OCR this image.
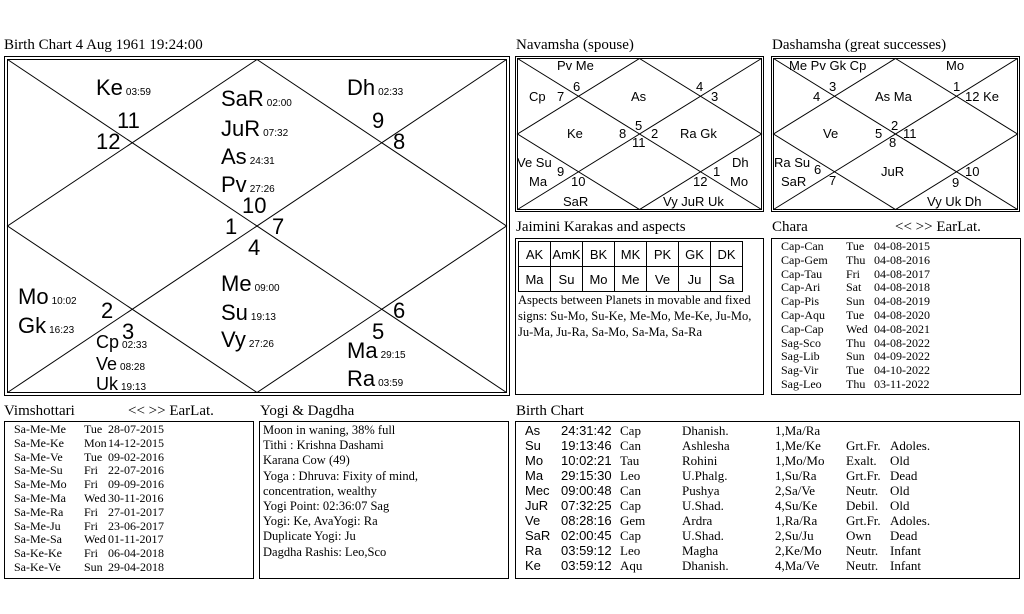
Birth Chart 4 Aug 1961 19:24:00
Ke 03:59
11
12
SaR 02:00
JuR 07:32
As 24:31
Pv 27:26
10
Dh 02:33
9
8
1 7
4
Me 09:00
Su 19:13
Vy 27:26
Mo 10:02
Gk 16:23
2
3
Cp 02:33
Ve 08:28
Uk 19:13
6
5
Ma 29:15
Ra 03:59
Navamsha (spouse)
Pv Me
Cp 7
6
As
4
3
Ke	8
5
2
11
Ra Gk
Ve Su
Ma
9
10
SaR	Vy JuR Uk
12
1
Dh
Mo
Dashamsha (great successes)
Me Pv Gk Cp	Mo
4
3
As Ma
1
12 Ke
Ve	5
2
11
8
Ra Su
SaR
6
7
JuR
9
10
Vy Uk Dh
Jaimini Karakas and aspects
AK	AmK	BK	MK	PK	GK	DK
Ma	Su	Mo	Me	Ve	Ju	Sa
Aspects between Planets in movable and fixed signs: Su-Mo, Su-Ke, Me-Mo, Me-Ke, Ju-Mo, Ju-Ma, Ju-Ra, Sa-Mo, Sa-Ma, Sa-Ra
Chara	<< >> EarLat.
Cap-Can Tue 04-08-2015
Cap-Gem Thu 04-08-2016
Cap-Tau Fri 04-08-2017
Cap-Ari Sat 04-08-2018
Cap-Pis Sun 04-08-2019
Cap-Aqu Tue 04-08-2020
Cap-Cap Wed 04-08-2021
Sag-Sco Thu 04-08-2022
Sag-Lib Sun 04-09-2022
Sag-Vir Tue 04-10-2022
Sag-Leo Thu 03-11-2022
Vimshottari	<< >> EarLat.
Sa-Me-Me Tue 28-07-2015
Sa-Me-Ke Mon 14-12-2015
Sa-Me-Ve Tue 09-02-2016
Sa-Me-Su Fri 22-07-2016
Sa-Me-Mo Fri 09-09-2016
Sa-Me-Ma Wed 30-11-2016
Sa-Me-Ra Fri 27-01-2017
Sa-Me-Ju Fri 23-06-2017
Sa-Me-Sa Wed 01-11-2017
Sa-Ke-Ke Fri 06-04-2018
Sa-Ke-Ve Sun 29-04-2018
Yogi & Dagdha
Moon in waning, 38% full
Tithi : Krishna Dashami
Karana Cow (49)
Yoga : Dhruva: Fixity of mind,
concentration, wealthy
Yogi Point: 02:36:07 Sag
Yogi: Ke, AvaYogi: Ra
Duplicate Yogi: Ju
Dagdha Rashis: Leo,Sco
Birth Chart
As 24:31:42 Cap	Dhanish.	1,Ma/Ra
Su 19:13:46 Can	Ashlesha	1,Me/Ke Grt.Fr. Adoles.
Mo 10:02:21 Tau	Rohini	1,Mo/Mo Exalt. Old
Ma 29:15:30 Leo	U.Phalg.	1,Su/Ra Grt.Fr. Dead
Mec 09:00:48 Can	Pushya	2,Sa/Ve Neutr. Old
JuR 07:32:25 Cap	U.Shad.	4,Su/Ke Debil. Old
Ve 08:28:16 Gem	Ardra	1,Ra/Ra Grt.Fr. Adoles.
SaR 02:00:45 Cap	U.Shad.	2,Su/Ju Own Dead
Ra 03:59:12 Leo	Magha	2,Ke/Mo Neutr. Infant
Ke 03:59:12 Aqu	Dhanish.	4,Ma/Ve Neutr. Infant
